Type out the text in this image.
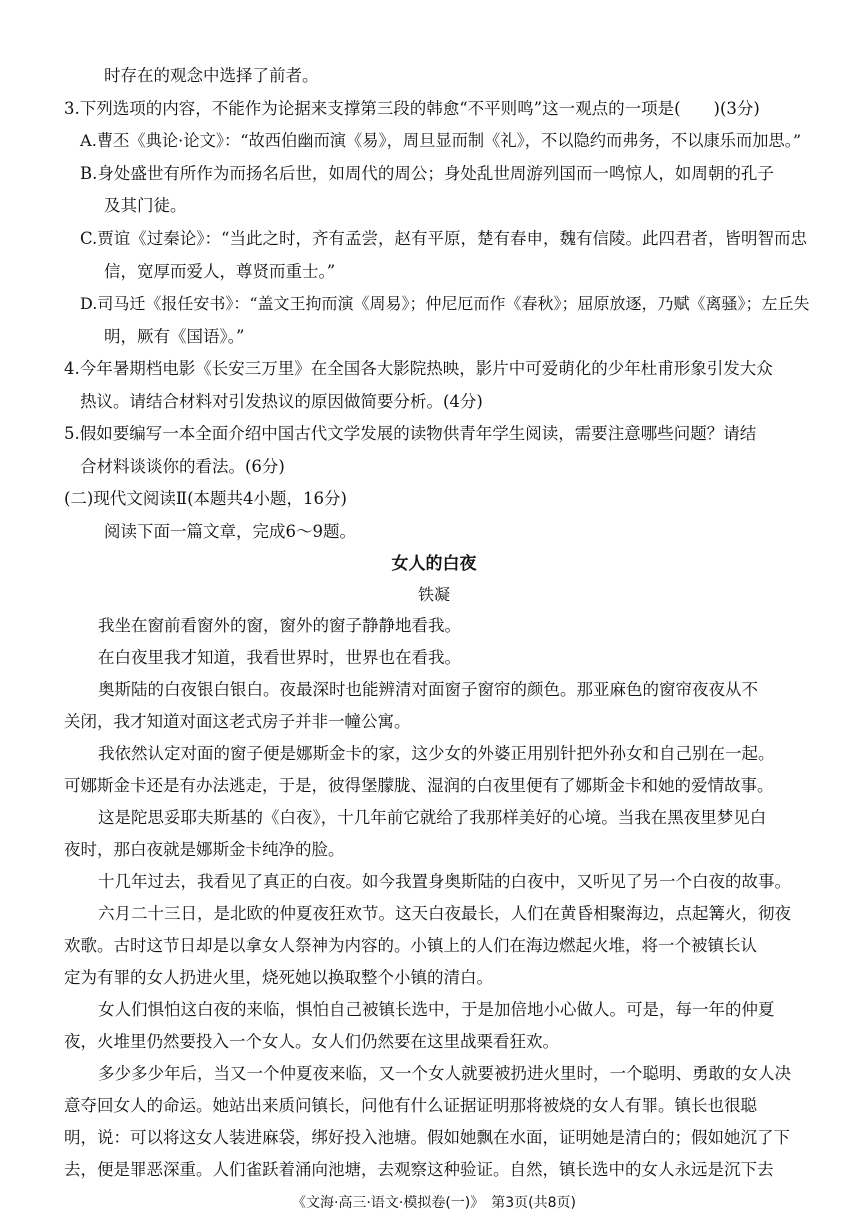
时存在的观念中选择了前者。
3.下列选项的内容，不能作为论据来支撑第三段的韩愈“不平则鸣”这一观点的一项是(　　)(3分)
A.曹丕《典论·论文》：“故西伯幽而演《易》，周旦显而制《礼》，不以隐约而弗务，不以康乐而加思。”
B.身处盛世有所作为而扬名后世，如周代的周公；身处乱世周游列国而一鸣惊人，如周朝的孔子
及其门徒。
C.贾谊《过秦论》：“当此之时，齐有孟尝，赵有平原，楚有春申，魏有信陵。此四君者，皆明智而忠
信，宽厚而爱人，尊贤而重士。”
D.司马迁《报任安书》：“盖文王拘而演《周易》；仲尼厄而作《春秋》；屈原放逐，乃赋《离骚》；左丘失
明，厥有《国语》。”
4.今年暑期档电影《长安三万里》在全国各大影院热映，影片中可爱萌化的少年杜甫形象引发大众
热议。请结合材料对引发热议的原因做简要分析。(4分)
5.假如要编写一本全面介绍中国古代文学发展的读物供青年学生阅读，需要注意哪些问题？请结
合材料谈谈你的看法。(6分)
(二)现代文阅读Ⅱ(本题共4小题，16分)
阅读下面一篇文章，完成6～9题。
女人的白夜
铁凝
我坐在窗前看窗外的窗，窗外的窗子静静地看我。
在白夜里我才知道，我看世界时，世界也在看我。
奥斯陆的白夜银白银白。夜最深时也能辨清对面窗子窗帘的颜色。那亚麻色的窗帘夜夜从不
关闭，我才知道对面这老式房子并非一幢公寓。
我依然认定对面的窗子便是娜斯金卡的家，这少女的外婆正用别针把外孙女和自己别在一起。
可娜斯金卡还是有办法逃走，于是，彼得堡朦胧、湿润的白夜里便有了娜斯金卡和她的爱情故事。
这是陀思妥耶夫斯基的《白夜》，十几年前它就给了我那样美好的心境。当我在黑夜里梦见白
夜时，那白夜就是娜斯金卡纯净的脸。
十几年过去，我看见了真正的白夜。如今我置身奥斯陆的白夜中，又听见了另一个白夜的故事。
六月二十三日，是北欧的仲夏夜狂欢节。这天白夜最长，人们在黄昏相聚海边，点起篝火，彻夜
欢歌。古时这节日却是以拿女人祭神为内容的。小镇上的人们在海边燃起火堆，将一个被镇长认
定为有罪的女人扔进火里，烧死她以换取整个小镇的清白。
女人们惧怕这白夜的来临，惧怕自己被镇长选中，于是加倍地小心做人。可是，每一年的仲夏
夜，火堆里仍然要投入一个女人。女人们仍然要在这里战栗看狂欢。
多少多少年后，当又一个仲夏夜来临，又一个女人就要被扔进火里时，一个聪明、勇敢的女人决
意夺回女人的命运。她站出来质问镇长，问他有什么证据证明那将被烧的女人有罪。镇长也很聪
明，说：可以将这女人装进麻袋，绑好投入池塘。假如她飘在水面，证明她是清白的；假如她沉了下
去，便是罪恶深重。人们雀跃着涌向池塘，去观察这种验证。自然，镇长选中的女人永远是沉下去
《文海·高三·语文·模拟卷(一)》　第3页(共8页)
